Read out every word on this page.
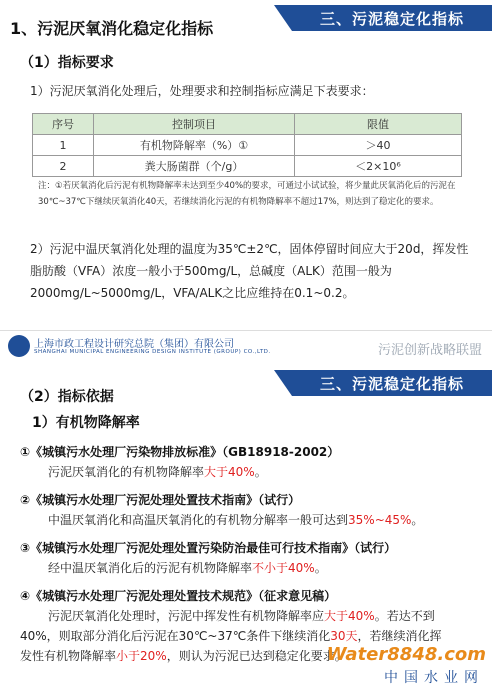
三、污泥稳定化指标
1、污泥厌氧消化稳定化指标
（1）指标要求
1）污泥厌氧消化处理后，处理要求和控制指标应满足下表要求：
序号	控制项目	限值
1	有机物降解率（%）①	＞40
2	粪大肠菌群（个/g）	＜2×10⁶
注：①若厌氧消化后污泥有机物降解率未达到至少40%的要求，可通过小试试验，将少量此厌氧消化后的污泥在30℃~37℃下继续厌氧消化40天，若继续消化污泥的有机物降解率不超过17%，则达到了稳定化的要求。
2）污泥中温厌氧消化处理的温度为35℃±2℃，固体停留时间应大于20d，挥发性脂肪酸（VFA）浓度一般小于500mg/L，总碱度（ALK）范围一般为2000mg/L~5000mg/L，VFA/ALK之比应维持在0.1~0.2。
上海市政工程设计研究总院（集团）有限公司
SHANGHAI MUNICIPAL ENGINEERING DESIGN INSTITUTE (GROUP) CO.,LTD.	污泥创新战略联盟
三、污泥稳定化指标
（2）指标依据
1）有机物降解率
①《城镇污水处理厂污染物排放标准》（GB18918-2002）
污泥厌氧消化的有机物降解率大于40%。
②《城镇污水处理厂污泥处理处置技术指南》（试行）
中温厌氧消化和高温厌氧消化的有机物分解率一般可达到35%~45%。
③《城镇污水处理厂污泥处理处置污染防治最佳可行技术指南》（试行）
经中温厌氧消化后的污泥有机物降解率不小于40%。
④《城镇污水处理厂污泥处理处置技术规范》（征求意见稿）
污泥厌氧消化处理时，污泥中挥发性有机物降解率应大于40%。若达不到
40%，则取部分消化后污泥在30℃~37℃条件下继续消化30天，若继续消化挥
发性有机物降解率小于20%，则认为污泥已达到稳定化要求。
Water8848.com
中国水业网
